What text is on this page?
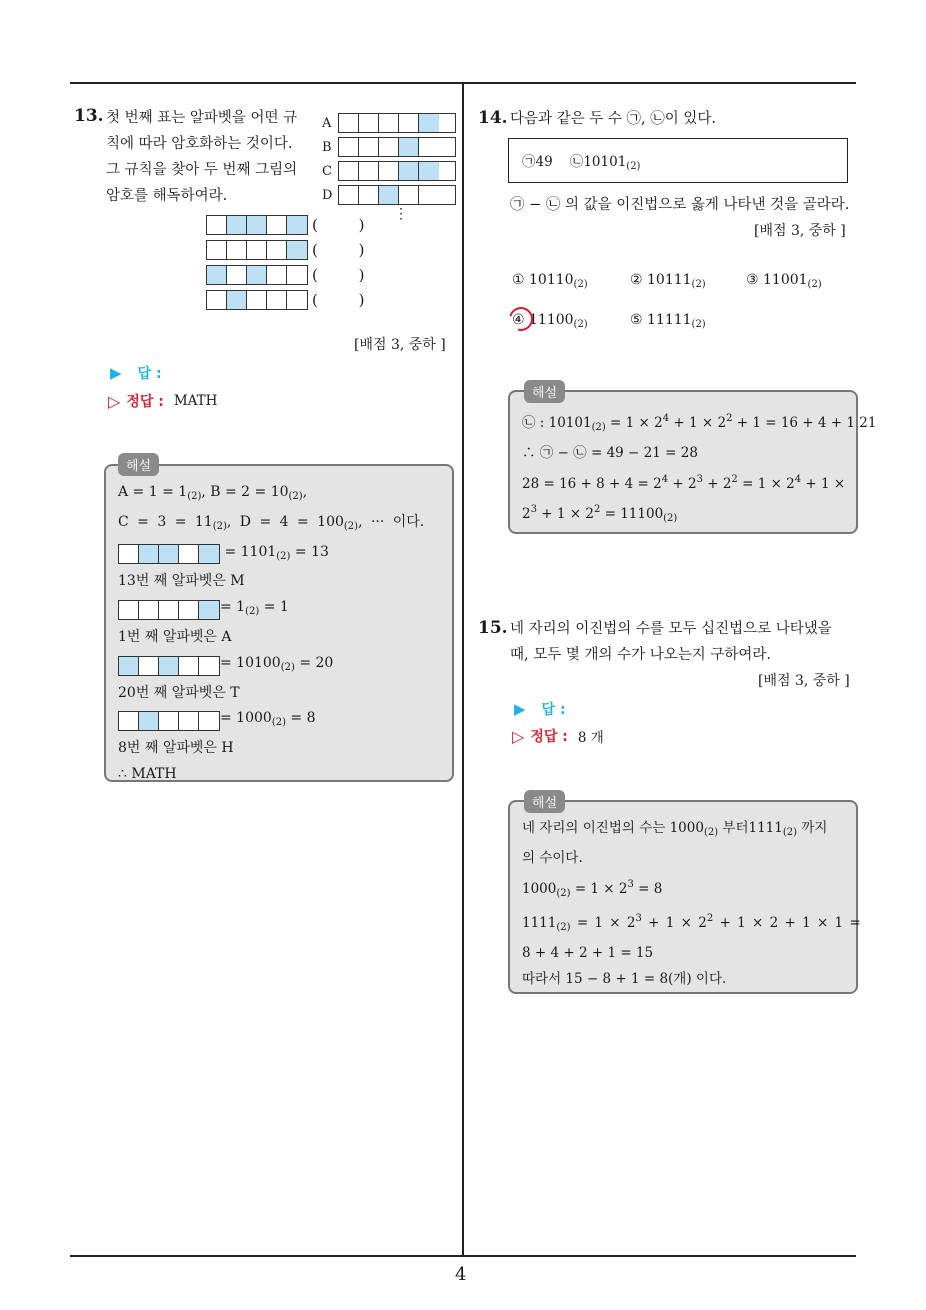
4
13. 첫 번째 표는 알파벳을 어떤 규
칙에 따라 암호화하는 것이다.
그 규칙을 찾아 두 번째 그림의
암호를 해독하여라.
A
B
C
D
⋮
( )
( )
( )
( )
[배점 3, 중하 ]
▶ 답 :
▷ 정답 : MATH
$A = 1 = 1_{(2)}$, $B = 2 = 10_{(2)}$,
$C = 3 = 11_{(2)}$, $D = 4 = 100_{(2)}$, ··· 이다.
= $1101_{(2)} = 13$
13번 째 알파벳은 M
= $1_{(2)} = 1$
1번 째 알파벳은 A
= $10100_{(2)} = 20$
20번 째 알파벳은 T
= $1000_{(2)} = 8$
8번 째 알파벳은 H
∴ MATH
해설
14. 다음과 같은 두 수 ㉠, ㉡이 있다.
㉠49    $㉡10101_{(2)}$
㉠ − ㉡ 의 값을 이진법으로 옳게 나타낸 것을 골라라.
[배점 3, 중하 ]
① $10110_{(2)}$	② $10111_{(2)}$	③ $11001_{(2)}$
④ $11100_{(2)}$	⑤ $11111_{(2)}$
㉡ : $10101_{(2)} = 1 \times 2^4 + 1 \times 2^2 + 1 = 16 + 4 + 1$ 21
∴ ㉠ − ㉡ = 49 − 21 = 28
$28 = 16 + 8 + 4 = 2^4 + 2^3 + 2^2 = 1 \times 2^4 + 1$ ×
$2^3 + 1 \times 2^2 = 11100_{(2)}$
해설
15. 네 자리의 이진법의 수를 모두 십진법으로 나타냈을
때, 모두 몇 개의 수가 나오는지 구하여라.
[배점 3, 중하 ]
▶ 답 :
▷ 정답 : 8 개
네 자리의 이진법의 수는 $1000_{(2)}$ 부터$1111_{(2)}$ 까지
의 수이다.
$1000_{(2)} = 1 \times 2^3 = 8$
$1111_{(2)} = 1 \times 2^3 + 1 \times 2^2 + 1 \times 2 + 1 \times 1$ =
8 + 4 + 2 + 1 = 15
따라서 15 − 8 + 1 = 8(개) 이다.
해설
